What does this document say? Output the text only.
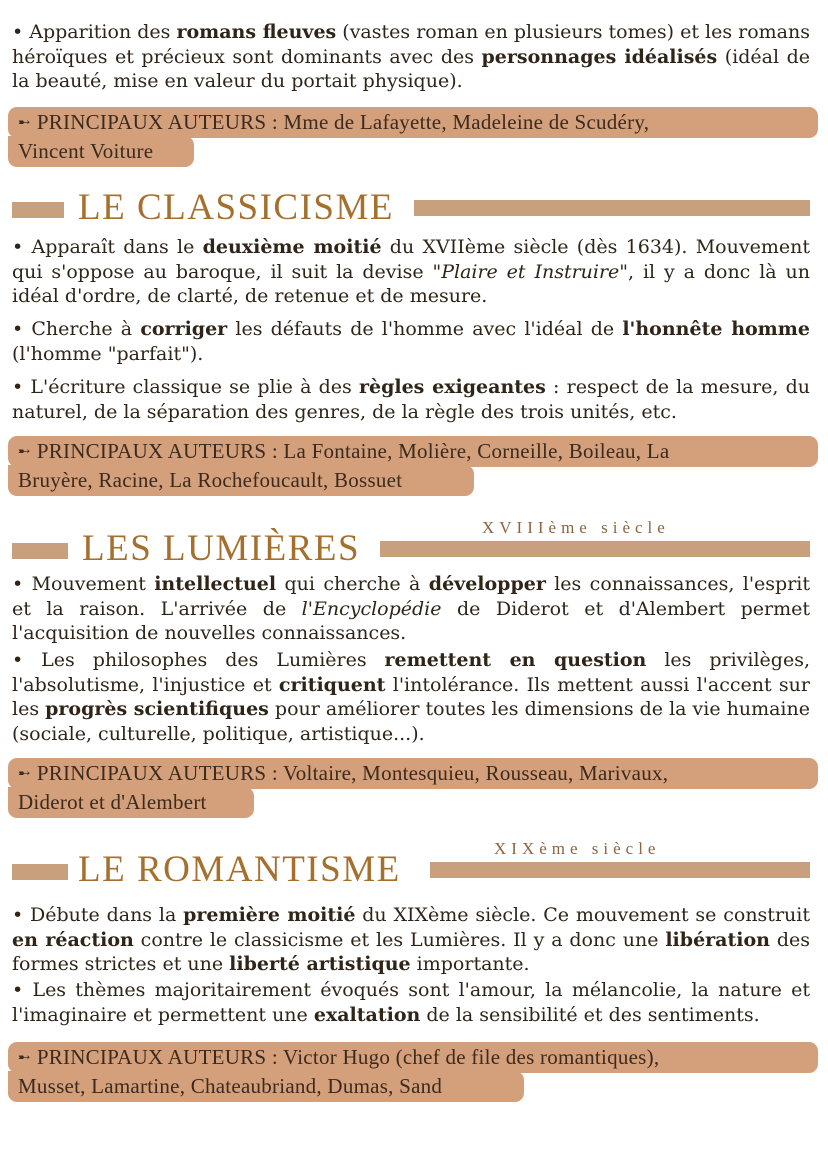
• Apparition des romans fleuves (vastes roman en plusieurs tomes) et les romans héroïques et précieux sont dominants avec des personnages idéalisés (idéal de la beauté, mise en valeur du portait physique).

➸ PRINCIPAUX AUTEURS : Mme de Lafayette, Madeleine de Scudéry,
Vincent Voiture
LE CLASSICISME

• Apparaît dans le deuxième moitié du XVIIème siècle (dès 1634). Mouvement qui s'oppose au baroque, il suit la devise "Plaire et Instruire", il y a donc là un idéal d'ordre, de clarté, de retenue et de mesure.

• Cherche à corriger les défauts de l'homme avec l'idéal de l'honnête homme (l'homme "parfait").

• L'écriture classique se plie à des règles exigeantes : respect de la mesure, du naturel, de la séparation des genres, de la règle des trois unités, etc.

➸ PRINCIPAUX AUTEURS : La Fontaine, Molière, Corneille, Boileau, La
Bruyère, Racine, La Rochefoucault, Bossuet
XVIIIème siècle
LES LUMIÈRES

• Mouvement intellectuel qui cherche à développer les connaissances, l'esprit et la raison. L'arrivée de l'Encyclopédie de Diderot et d'Alembert permet l'acquisition de nouvelles connaissances.

• Les philosophes des Lumières remettent en question les privilèges, l'absolutisme, l'injustice et critiquent l'intolérance. Ils mettent aussi l'accent sur les progrès scientifiques pour améliorer toutes les dimensions de la vie humaine (sociale, culturelle, politique, artistique...).

➸ PRINCIPAUX AUTEURS : Voltaire, Montesquieu, Rousseau, Marivaux,
Diderot et d'Alembert
XIXème siècle
LE ROMANTISME

• Débute dans la première moitié du XIXème siècle. Ce mouvement se construit en réaction contre le classicisme et les Lumières. Il y a donc une libération des formes strictes et une liberté artistique importante.

• Les thèmes majoritairement évoqués sont l'amour, la mélancolie, la nature et l'imaginaire et permettent une exaltation de la sensibilité et des sentiments.

➸ PRINCIPAUX AUTEURS : Victor Hugo (chef de file des romantiques),
Musset, Lamartine, Chateaubriand, Dumas, Sand
